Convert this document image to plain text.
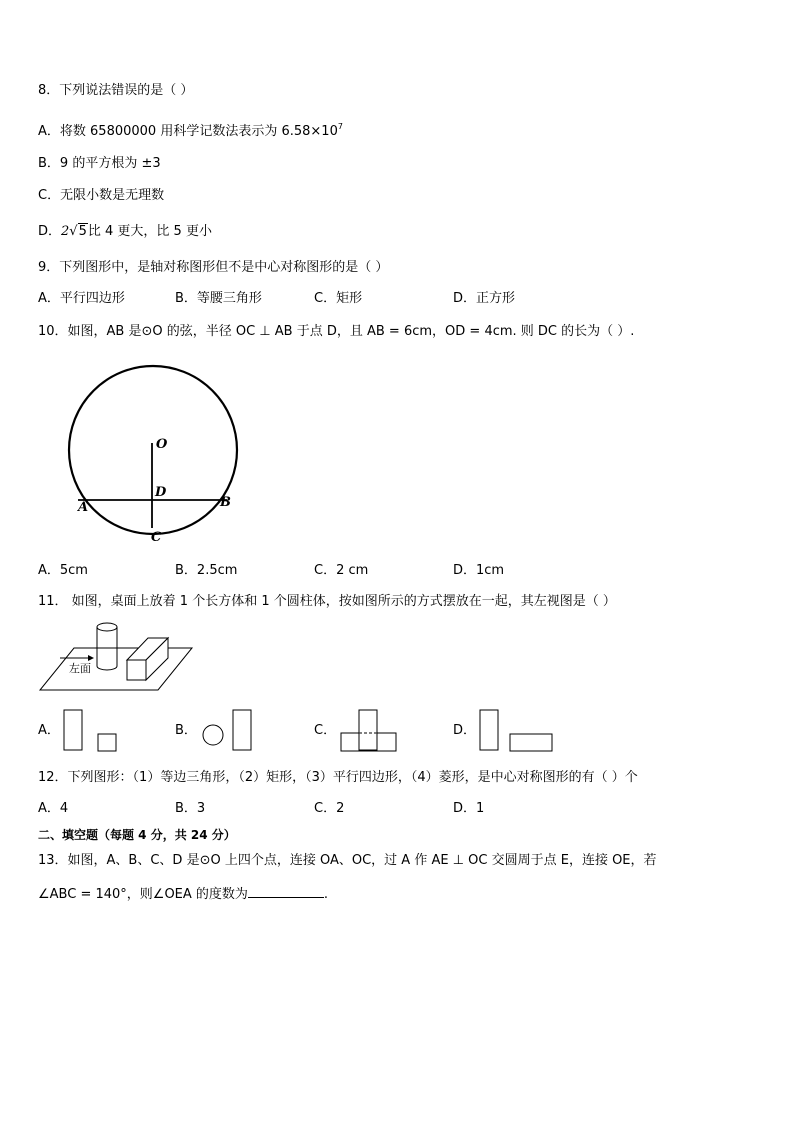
8．下列说法错误的是（ ）
A．将数 65800000 用科学记数法表示为 $6.58\times 10^7$
B．9 的平方根为 ±3
C．无限小数是无理数
D．2√5比 4 更大，比 5 更小
9．下列图形中，是轴对称图形但不是中心对称图形的是（ ）
A．平行四边形	B．等腰三角形	C．矩形	D．正方形
10．如图，AB 是⊙O 的弦，半径 OC ⊥ AB 于点 D，且 AB = 6cm，OD = 4cm. 则 DC 的长为（ ）.
O
D
A	B
C
A．5cm	B．2.5cm	C．2 cm	D．1cm
11． 如图，桌面上放着 1 个长方体和 1 个圆柱体，按如图所示的方式摆放在一起，其左视图是（ ）
左面
A．	B．	C．	D．
12．下列图形：（1）等边三角形，（2）矩形，（3）平行四边形，（4）菱形，是中心对称图形的有（ ）个
A．4	B．3	C．2	D．1
二、填空题（每题 4 分，共 24 分）
13．如图，A、B、C、D 是⊙O 上四个点，连接 OA、OC，过 A 作 AE ⊥ OC 交圆周于点 E，连接 OE，若
∠ABC = 140°，则∠OEA 的度数为	.
